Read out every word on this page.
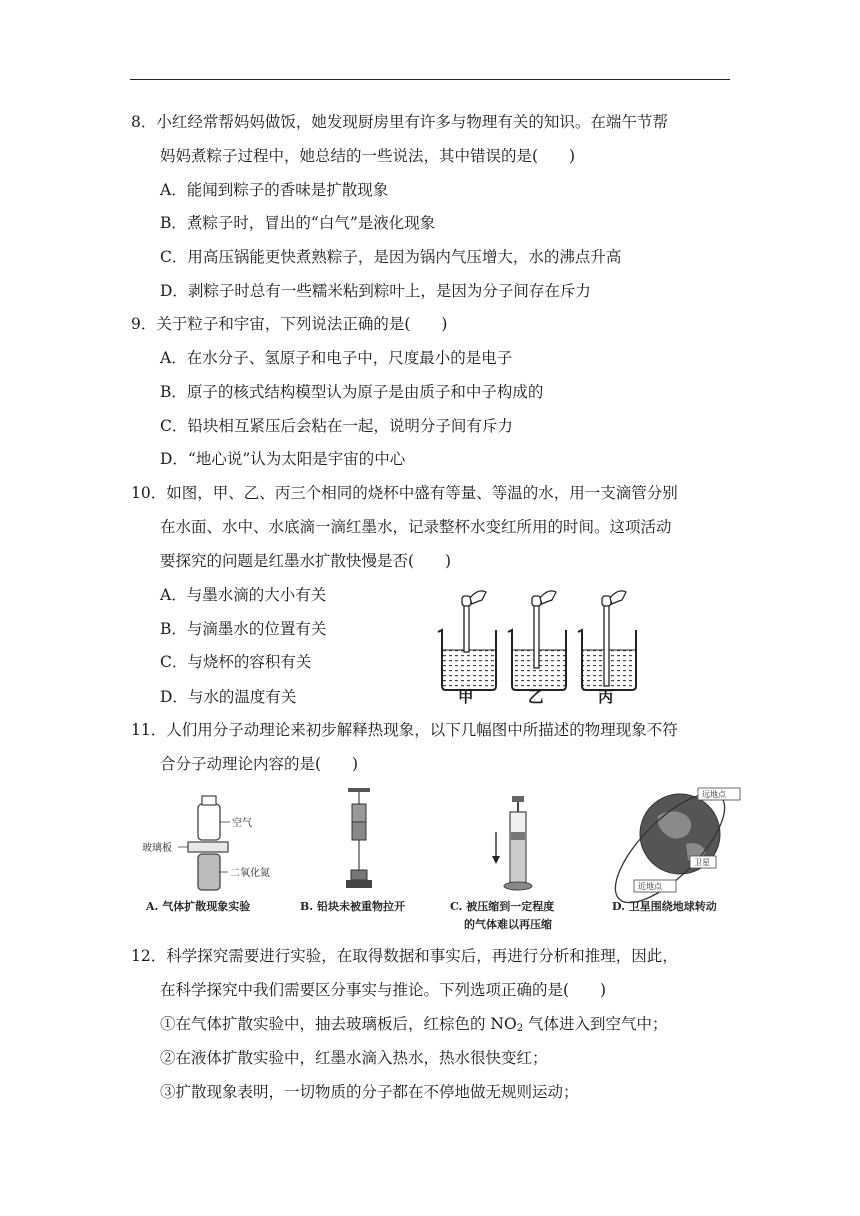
8．小红经常帮妈妈做饭，她发现厨房里有许多与物理有关的知识。在端午节帮
妈妈煮粽子过程中，她总结的一些说法，其中错误的是(　　)
A．能闻到粽子的香味是扩散现象
B．煮粽子时，冒出的“白气”是液化现象
C．用高压锅能更快煮熟粽子，是因为锅内气压增大，水的沸点升高
D．剥粽子时总有一些糯米粘到粽叶上，是因为分子间存在斥力
9．关于粒子和宇宙，下列说法正确的是(　　)
A．在水分子、氢原子和电子中，尺度最小的是电子
B．原子的核式结构模型认为原子是由质子和中子构成的
C．铅块相互紧压后会粘在一起，说明分子间有斥力
D．“地心说”认为太阳是宇宙的中心
10．如图，甲、乙、丙三个相同的烧杯中盛有等量、等温的水，用一支滴管分别
在水面、水中、水底滴一滴红墨水，记录整杯水变红所用的时间。这项活动
要探究的问题是红墨水扩散快慢是否(　　)
A．与墨水滴的大小有关
B．与滴墨水的位置有关
C．与烧杯的容积有关
D．与水的温度有关	甲	乙	丙
11．人们用分子动理论来初步解释热现象，以下几幅图中所描述的物理现象不符
合分子动理论内容的是(　　)
空气
玻璃板
二氧化氮
A. 气体扩散现象实验	B. 铅块未被重物拉开	C. 被压缩到一定程度
的气体难以再压缩
远地点
卫星
近地点
D. 卫星围绕地球转动
12．科学探究需要进行实验，在取得数据和事实后，再进行分析和推理，因此，
在科学探究中我们需要区分事实与推论。下列选项正确的是(　　)
①在气体扩散实验中，抽去玻璃板后，红棕色的 $NO_2$ 气体进入到空气中；
②在液体扩散实验中，红墨水滴入热水，热水很快变红；
③扩散现象表明，一切物质的分子都在不停地做无规则运动；
